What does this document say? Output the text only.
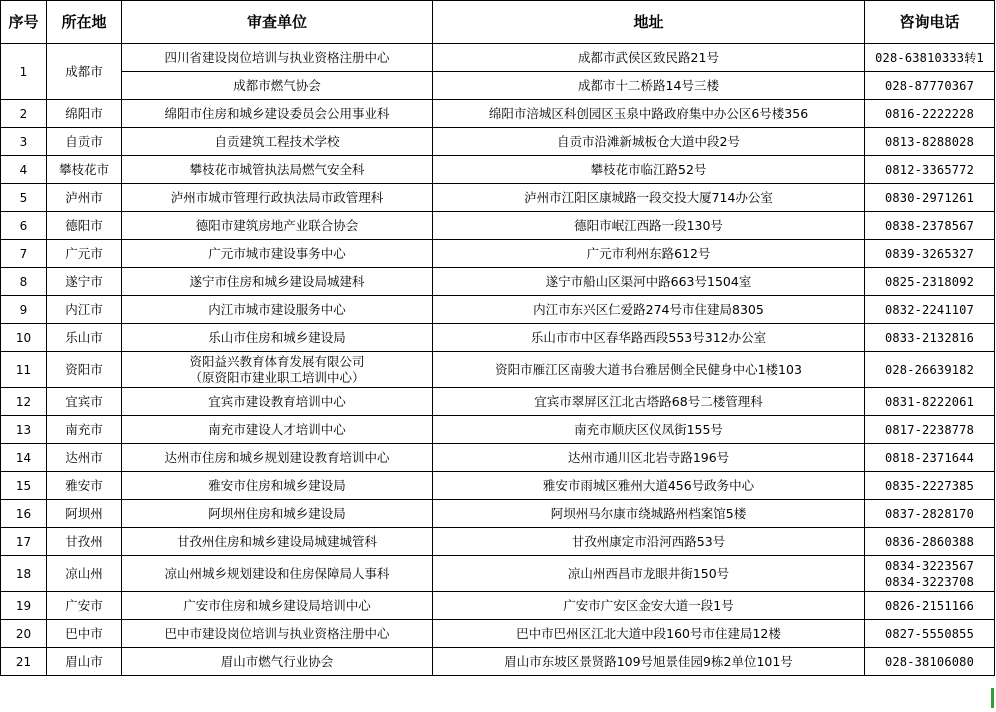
序号	所在地	审查单位	地址	咨询电话
1	成都市	四川省建设岗位培训与执业资格注册中心	成都市武侯区致民路21号	028-63810333转1

		成都市燃气协会	成都市十二桥路14号三楼	028-87770367

2	绵阳市	绵阳市住房和城乡建设委员会公用事业科	绵阳市涪城区科创园区玉泉中路政府集中办公区6号楼356	0816-2222228

3	自贡市	自贡建筑工程技术学校	自贡市沿滩新城板仓大道中段2号	0813-8288028

4	攀枝花市	攀枝花市城管执法局燃气安全科	攀枝花市临江路52号	0812-3365772

5	泸州市	泸州市城市管理行政执法局市政管理科	泸州市江阳区康城路一段交投大厦714办公室	0830-2971261

6	德阳市	德阳市建筑房地产业联合协会	德阳市岷江西路一段130号	0838-2378567

7	广元市	广元市城市建设事务中心	广元市利州东路612号	0839-3265327

8	遂宁市	遂宁市住房和城乡建设局城建科	遂宁市船山区渠河中路663号1504室	0825-2318092

9	内江市	内江市城市建设服务中心	内江市东兴区仁爱路274号市住建局8305	0832-2241107

10	乐山市	乐山市住房和城乡建设局	乐山市市中区春华路西段553号312办公室	0833-2132816

11	资阳市	资阳益兴教育体育发展有限公司
（原资阳市建业职工培训中心）	资阳市雁江区南骏大道书台雅居侧全民健身中心1楼103	028-26639182

12	宜宾市	宜宾市建设教育培训中心	宜宾市翠屏区江北古塔路68号二楼管理科	0831-8222061

13	南充市	南充市建设人才培训中心	南充市顺庆区仪凤街155号	0817-2238778

14	达州市	达州市住房和城乡规划建设教育培训中心	达州市通川区北岩寺路196号	0818-2371644

15	雅安市	雅安市住房和城乡建设局	雅安市雨城区雅州大道456号政务中心	0835-2227385

16	阿坝州	阿坝州住房和城乡建设局	阿坝州马尔康市绕城路州档案馆5楼	0837-2828170

17	甘孜州	甘孜州住房和城乡建设局城建城管科	甘孜州康定市沿河西路53号	0836-2860388

18	凉山州	凉山州城乡规划建设和住房保障局人事科	凉山州西昌市龙眼井街150号	0834-3223567
0834-3223708

19	广安市	广安市住房和城乡建设局培训中心	广安市广安区金安大道一段1号	0826-2151166

20	巴中市	巴中市建设岗位培训与执业资格注册中心	巴中市巴州区江北大道中段160号市住建局12楼	0827-5550855

21	眉山市	眉山市燃气行业协会	眉山市东坡区景贤路109号旭景佳园9栋2单位101号	028-38106080
